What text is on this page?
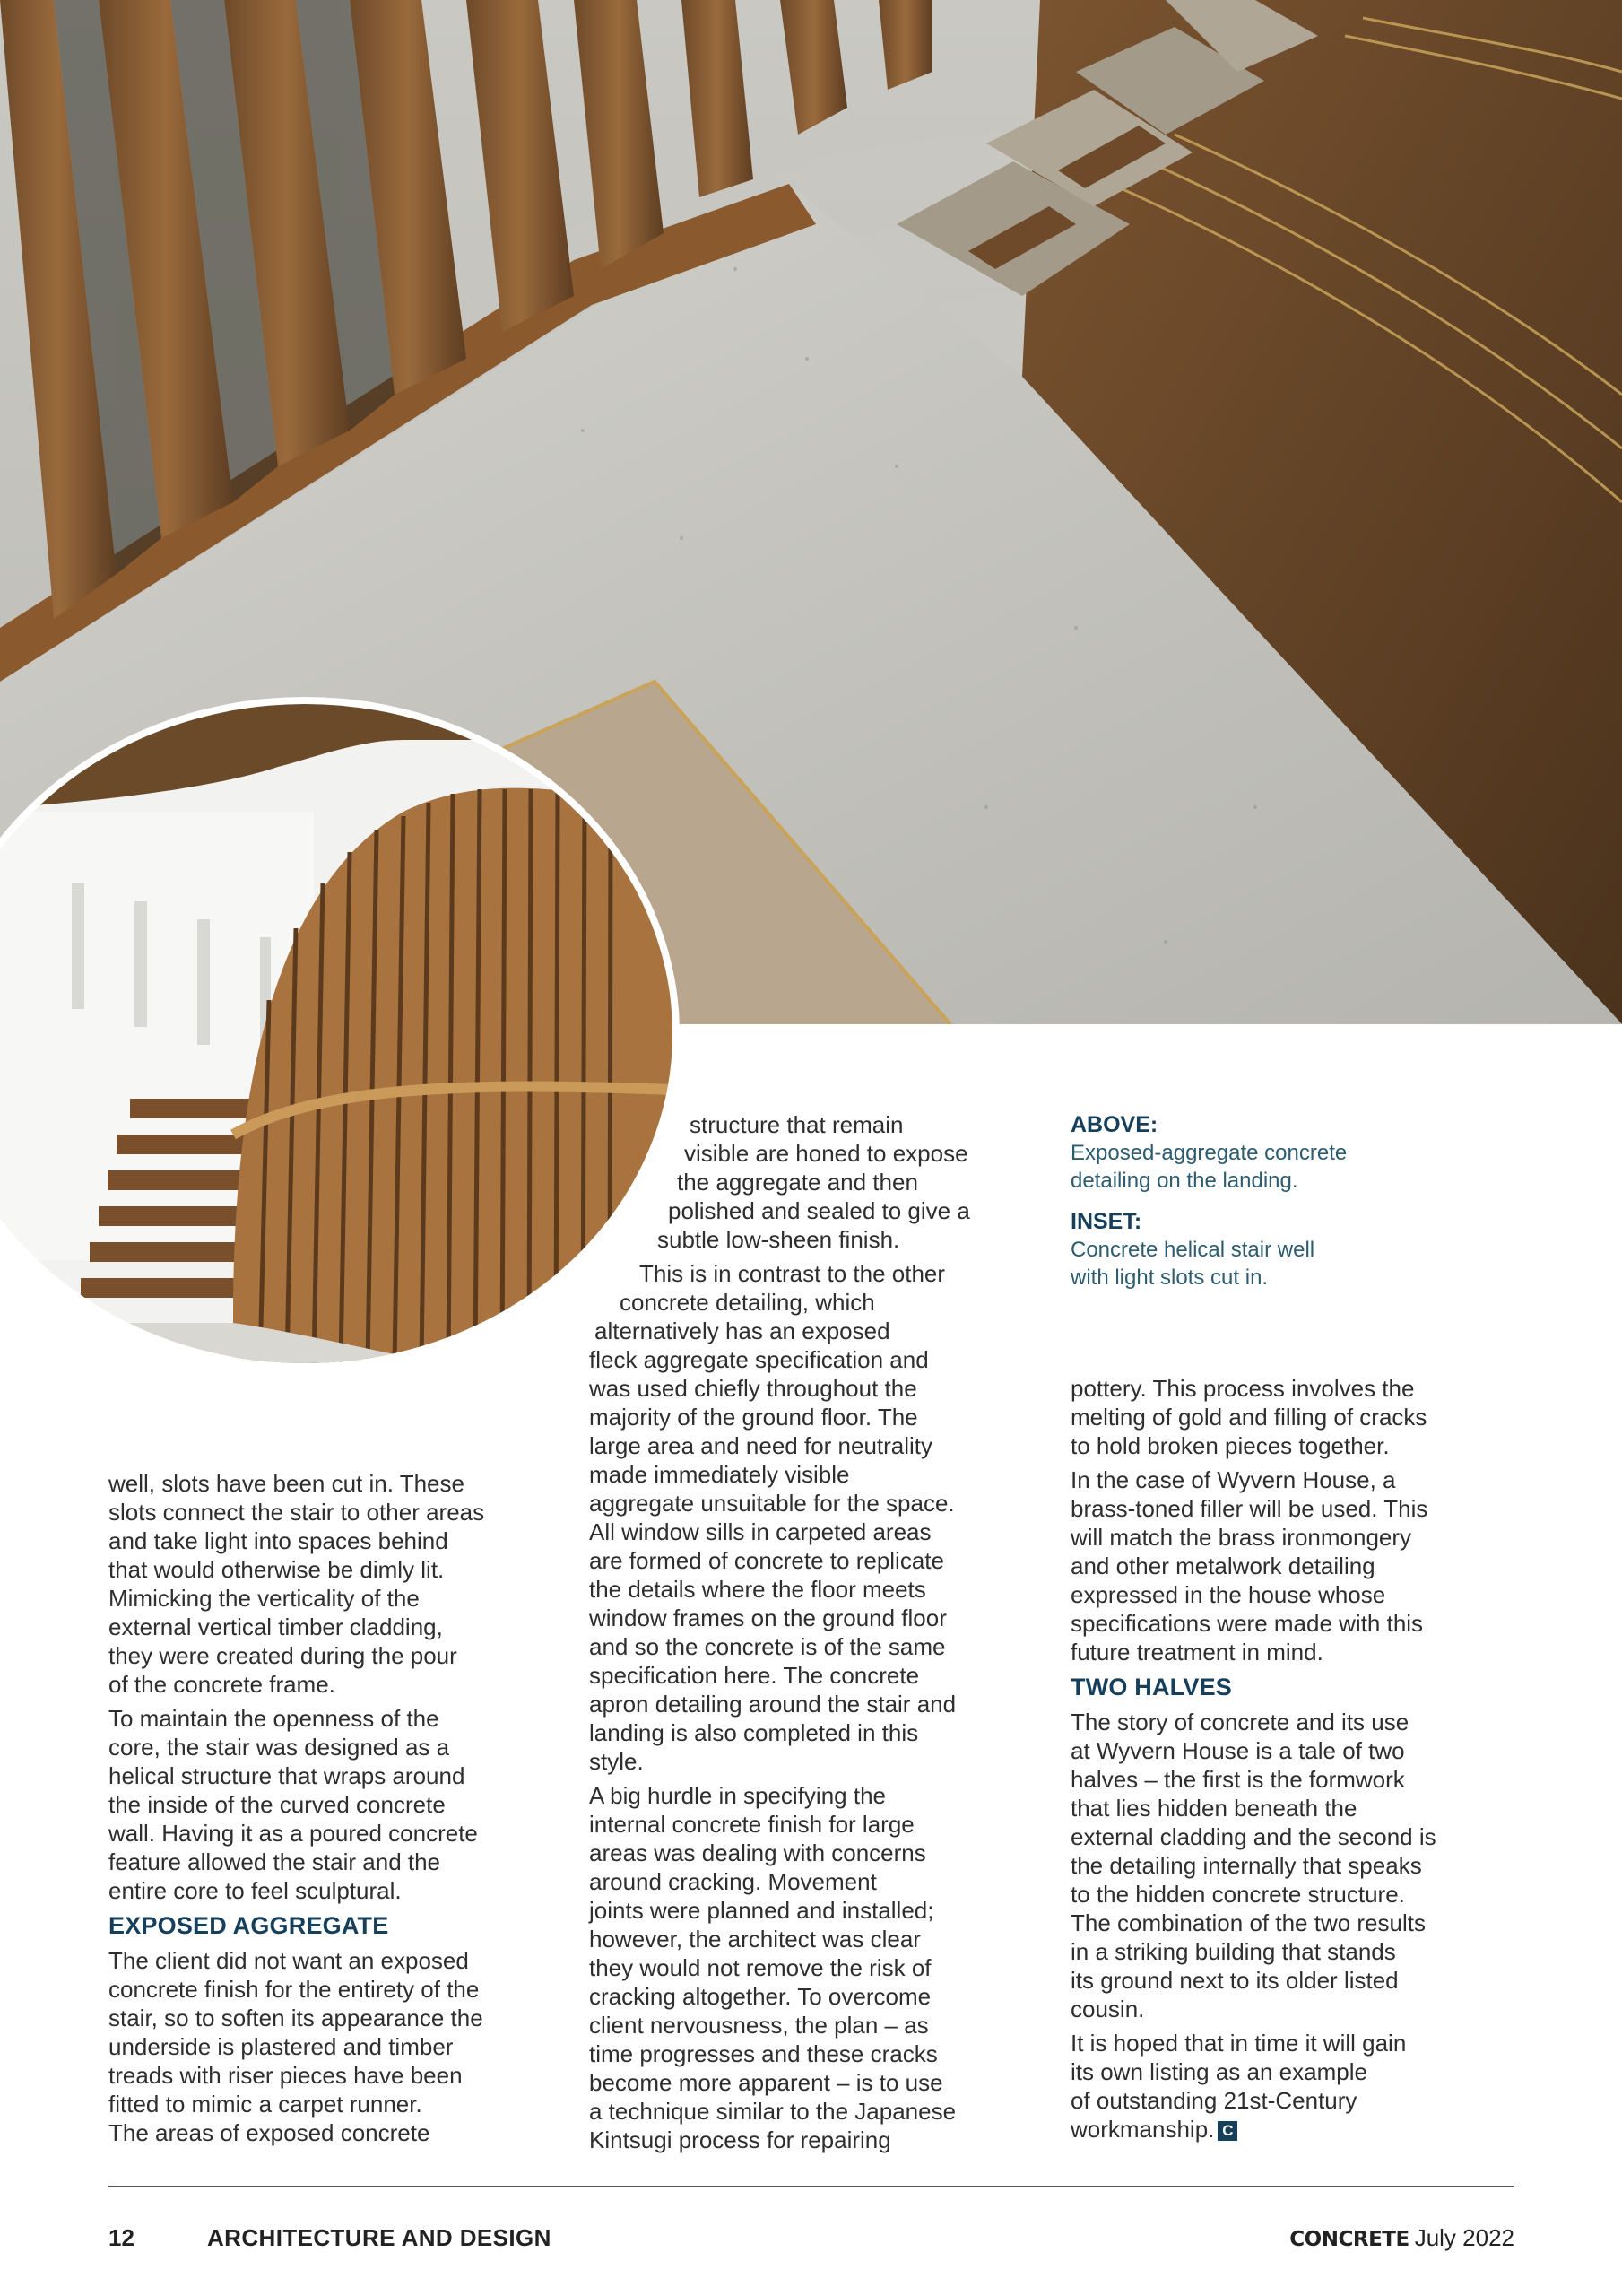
ABOVE:
Exposed-aggregate concrete
detailing on the landing.
INSET:
Concrete helical stair well
with light slots cut in.

well, slots have been cut in. These
slots connect the stair to other areas
and take light into spaces behind
that would otherwise be dimly lit.
Mimicking the verticality of the
external vertical timber cladding,
they were created during the pour
of the concrete frame.

To maintain the openness of the
core, the stair was designed as a
helical structure that wraps around
the inside of the curved concrete
wall. Having it as a poured concrete
feature allowed the stair and the
entire core to feel sculptural.

EXPOSED AGGREGATE

The client did not want an exposed
concrete finish for the entirety of the
stair, so to soften its appearance the
underside is plastered and timber
treads with riser pieces have been
fitted to mimic a carpet runner.
The areas of exposed concrete

structure that remain
visible are honed to expose
the aggregate and then
polished and sealed to give a
subtle low-sheen finish.

This is in contrast to the other
concrete detailing, which
alternatively has an exposed
fleck aggregate specification and
was used chiefly throughout the
majority of the ground floor. The
large area and need for neutrality
made immediately visible
aggregate unsuitable for the space.
All window sills in carpeted areas
are formed of concrete to replicate
the details where the floor meets
window frames on the ground floor
and so the concrete is of the same
specification here. The concrete
apron detailing around the stair and
landing is also completed in this
style.

A big hurdle in specifying the
internal concrete finish for large
areas was dealing with concerns
around cracking. Movement
joints were planned and installed;
however, the architect was clear
they would not remove the risk of
cracking altogether. To overcome
client nervousness, the plan – as
time progresses and these cracks
become more apparent – is to use
a technique similar to the Japanese
Kintsugi process for repairing

pottery. This process involves the
melting of gold and filling of cracks
to hold broken pieces together.

In the case of Wyvern House, a
brass-toned filler will be used. This
will match the brass ironmongery
and other metalwork detailing
expressed in the house whose
specifications were made with this
future treatment in mind.

TWO HALVES

The story of concrete and its use
at Wyvern House is a tale of two
halves – the first is the formwork
that lies hidden beneath the
external cladding and the second is
the detailing internally that speaks
to the hidden concrete structure.
The combination of the two results
in a striking building that stands
its ground next to its older listed
cousin.

It is hoped that in time it will gain
its own listing as an example
of outstanding 21st-Century
workmanship. C

12	ARCHITECTURE AND DESIGN	CONCRETE July 2022
